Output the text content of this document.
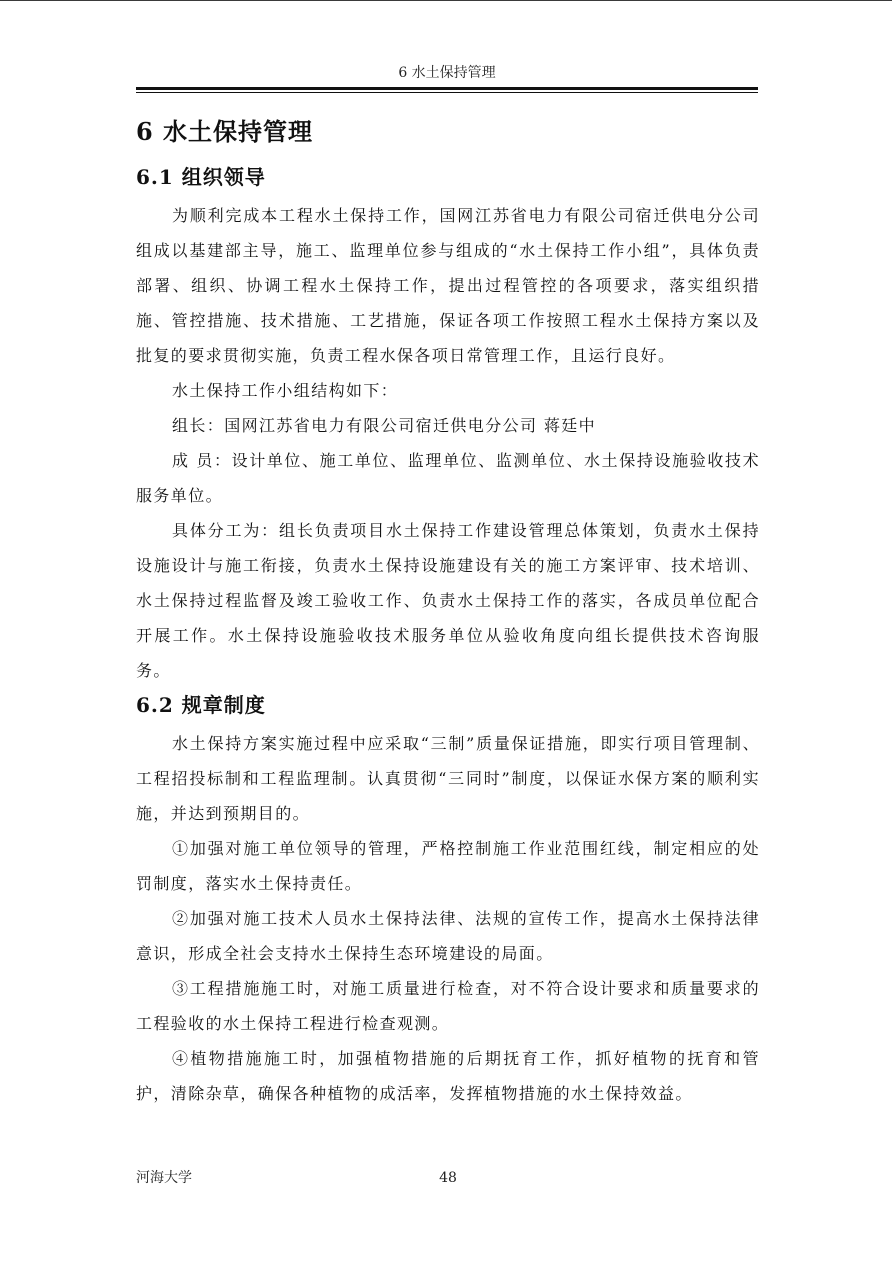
6 水土保持管理
6 水土保持管理
6.1 组织领导

为顺利完成本工程水土保持工作，国网江苏省电力有限公司宿迁供电分公司组成以基建部主导，施工、监理单位参与组成的“水土保持工作小组”，具体负责部署、组织、协调工程水土保持工作，提出过程管控的各项要求，落实组织措施、管控措施、技术措施、工艺措施，保证各项工作按照工程水土保持方案以及批复的要求贯彻实施，负责工程水保各项日常管理工作，且运行良好。

水土保持工作小组结构如下：

组长：国网江苏省电力有限公司宿迁供电分公司 蒋廷中

成 员：设计单位、施工单位、监理单位、监测单位、水土保持设施验收技术服务单位。

具体分工为：组长负责项目水土保持工作建设管理总体策划，负责水土保持设施设计与施工衔接，负责水土保持设施建设有关的施工方案评审、技术培训、水土保持过程监督及竣工验收工作、负责水土保持工作的落实，各成员单位配合开展工作。水土保持设施验收技术服务单位从验收角度向组长提供技术咨询服务。

6.2 规章制度

水土保持方案实施过程中应采取“三制”质量保证措施，即实行项目管理制、工程招投标制和工程监理制。认真贯彻“三同时”制度，以保证水保方案的顺利实施，并达到预期目的。

①加强对施工单位领导的管理，严格控制施工作业范围红线，制定相应的处罚制度，落实水土保持责任。

②加强对施工技术人员水土保持法律、法规的宣传工作，提高水土保持法律意识，形成全社会支持水土保持生态环境建设的局面。

③工程措施施工时，对施工质量进行检查，对不符合设计要求和质量要求的工程验收的水土保持工程进行检查观测。

④植物措施施工时，加强植物措施的后期抚育工作，抓好植物的抚育和管护，清除杂草，确保各种植物的成活率，发挥植物措施的水土保持效益。

河海大学	48
